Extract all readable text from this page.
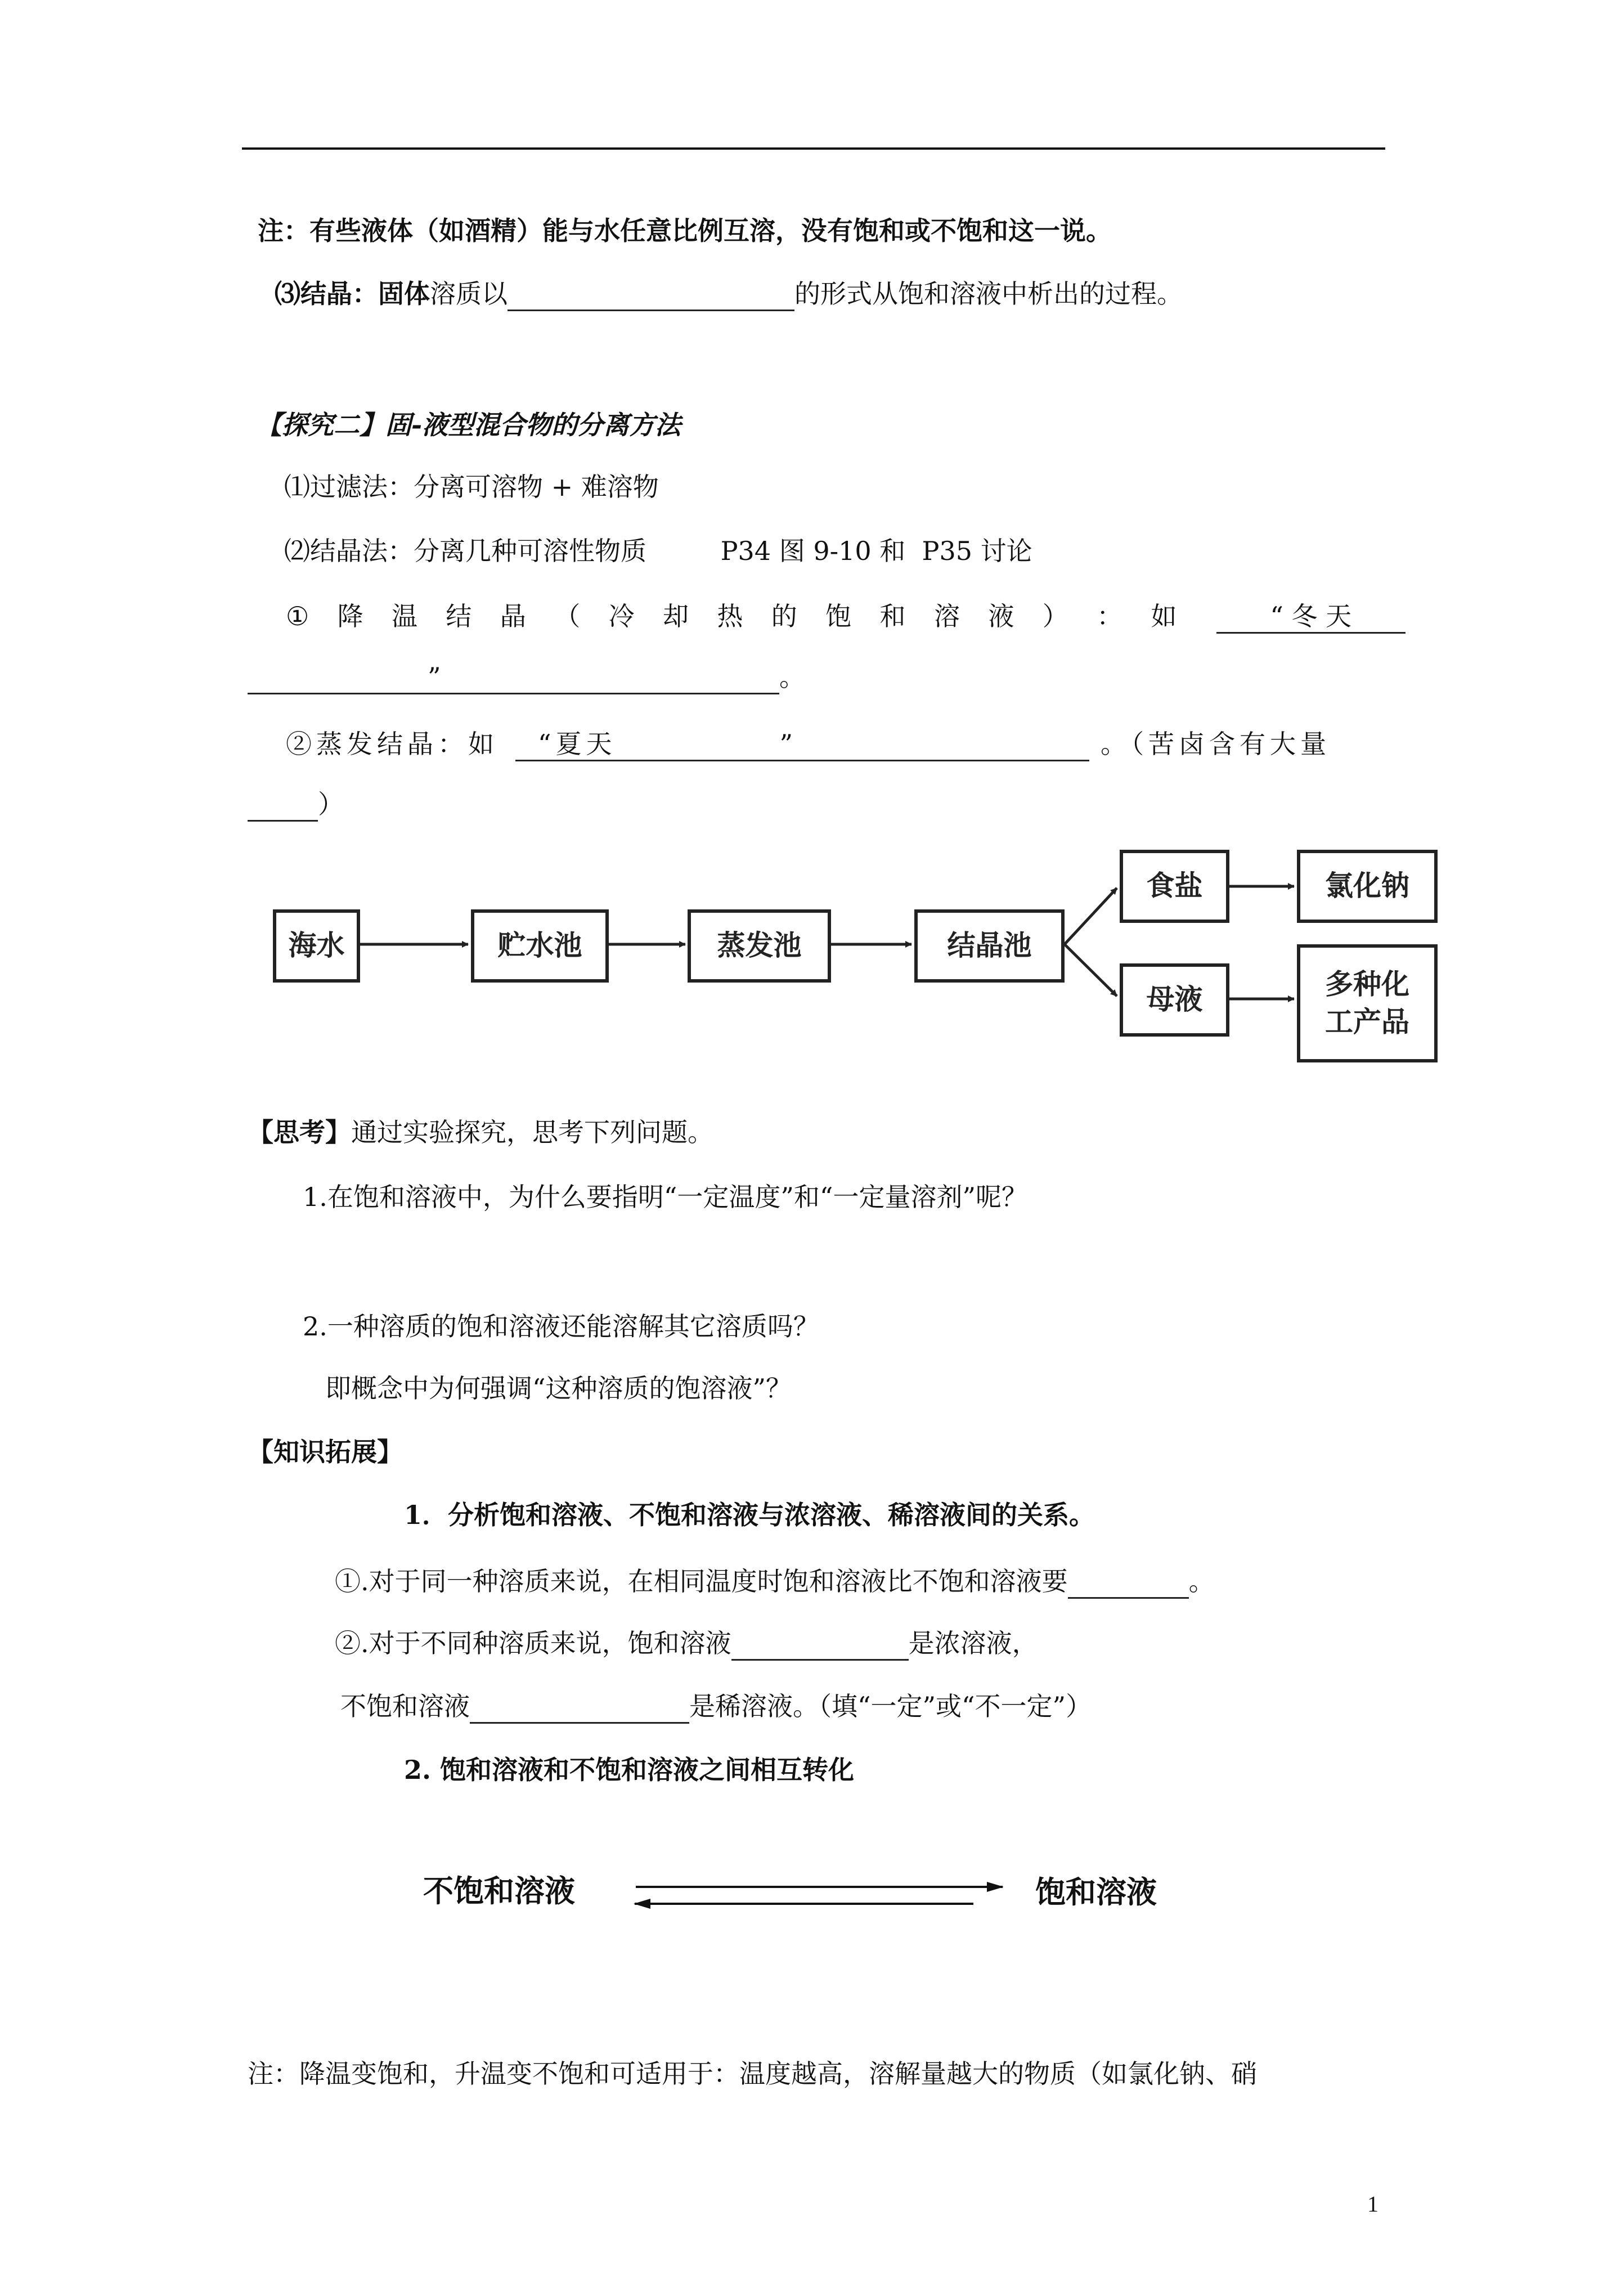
注：有些液体（如酒精）能与水任意比例互溶，没有饱和或不饱和这一说。
⑶结晶：固体溶质以	的形式从饱和溶液中析出的过程。
【探究二】固-液型混合物的分离方法
⑴过滤法：分离可溶物 + 难溶物
⑵结晶法：分离几种可溶性物质         P34 图 9-10 和  P35 讨论
① 降 温 结 晶 （ 冷 却 热 的 饱 和 溶 液 ） ： 如	“ 冬 天
”	。
②蒸发结晶：如 “夏天	”	。（苦卤含有大量
）
海水	贮水池	蒸发池	结晶池
食盐
母液
氯化钠
多种化
工产品
【思考】通过实验探究，思考下列问题。
1.在饱和溶液中，为什么要指明“一定温度”和“一定量溶剂”呢？
2.一种溶质的饱和溶液还能溶解其它溶质吗？
即概念中为何强调“这种溶质的饱溶液”？
【知识拓展】
1．分析饱和溶液、不饱和溶液与浓溶液、稀溶液间的关系。
①.对于同一种溶质来说，在相同温度时饱和溶液比不饱和溶液要	。
②.对于不同种溶质来说，饱和溶液	是浓溶液，
不饱和溶液	是稀溶液。（填“一定”或“不一定”）
2. 饱和溶液和不饱和溶液之间相互转化
不饱和溶液	饱和溶液
注：降温变饱和，升温变不饱和可适用于：温度越高，溶解量越大的物质（如氯化钠、硝
1
